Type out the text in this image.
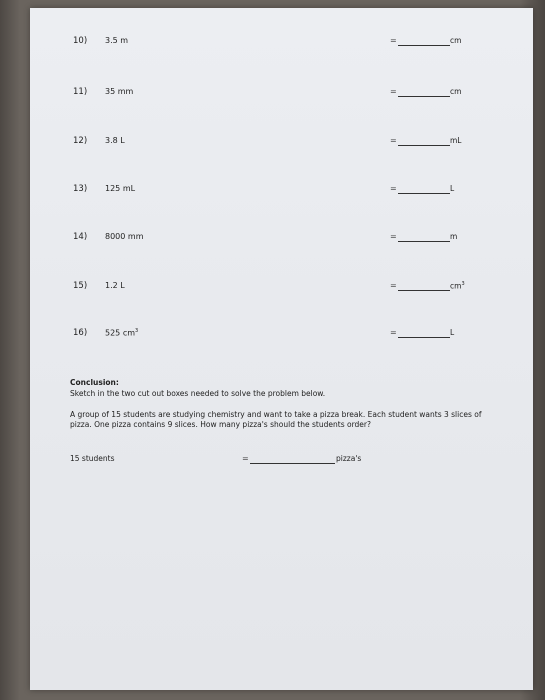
10) 3.5 m	=	cm
11) 35 mm	=	cm
12) 3.8 L	=	mL
13) 125 mL	=	L
14) 8000 mm	=	m
15) 1.2 L	=	$cm^3$
16) 525 $cm^3$	=	L
Conclusion:
Sketch in the two cut out boxes needed to solve the problem below.
A group of 15 students are studying chemistry and want to take a pizza break. Each student wants 3 slices of pizza. One pizza contains 9 slices. How many pizza's should the students order?
15 students	=	pizza's
